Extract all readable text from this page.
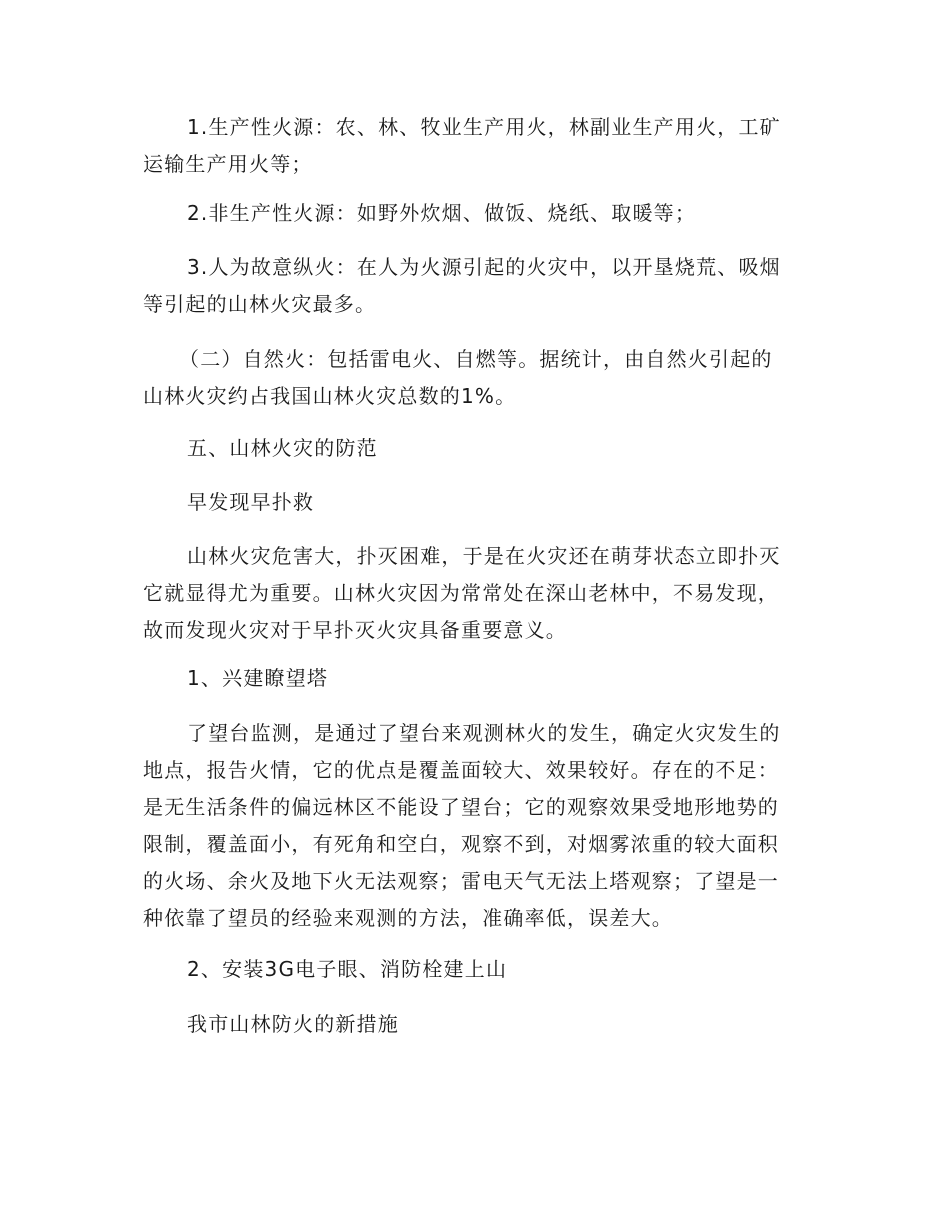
1.生产性火源：农、林、牧业生产用火，林副业生产用火，工矿
运输生产用火等；

2.非生产性火源：如野外炊烟、做饭、烧纸、取暖等；

3.人为故意纵火：在人为火源引起的火灾中，以开垦烧荒、吸烟
等引起的山林火灾最多。

（二）自然火：包括雷电火、自燃等。据统计，由自然火引起的
山林火灾约占我国山林火灾总数的1%。

五、山林火灾的防范

早发现早扑救

山林火灾危害大，扑灭困难，于是在火灾还在萌芽状态立即扑灭
它就显得尤为重要。山林火灾因为常常处在深山老林中，不易发现，
故而发现火灾对于早扑灭火灾具备重要意义。

1、兴建瞭望塔

了望台监测，是通过了望台来观测林火的发生，确定火灾发生的
地点，报告火情，它的优点是覆盖面较大、效果较好。存在的不足：
是无生活条件的偏远林区不能设了望台；它的观察效果受地形地势的
限制，覆盖面小，有死角和空白，观察不到，对烟雾浓重的较大面积
的火场、余火及地下火无法观察；雷电天气无法上塔观察；了望是一
种依靠了望员的经验来观测的方法，准确率低，误差大。

2、安装3G电子眼、消防栓建上山

我市山林防火的新措施
